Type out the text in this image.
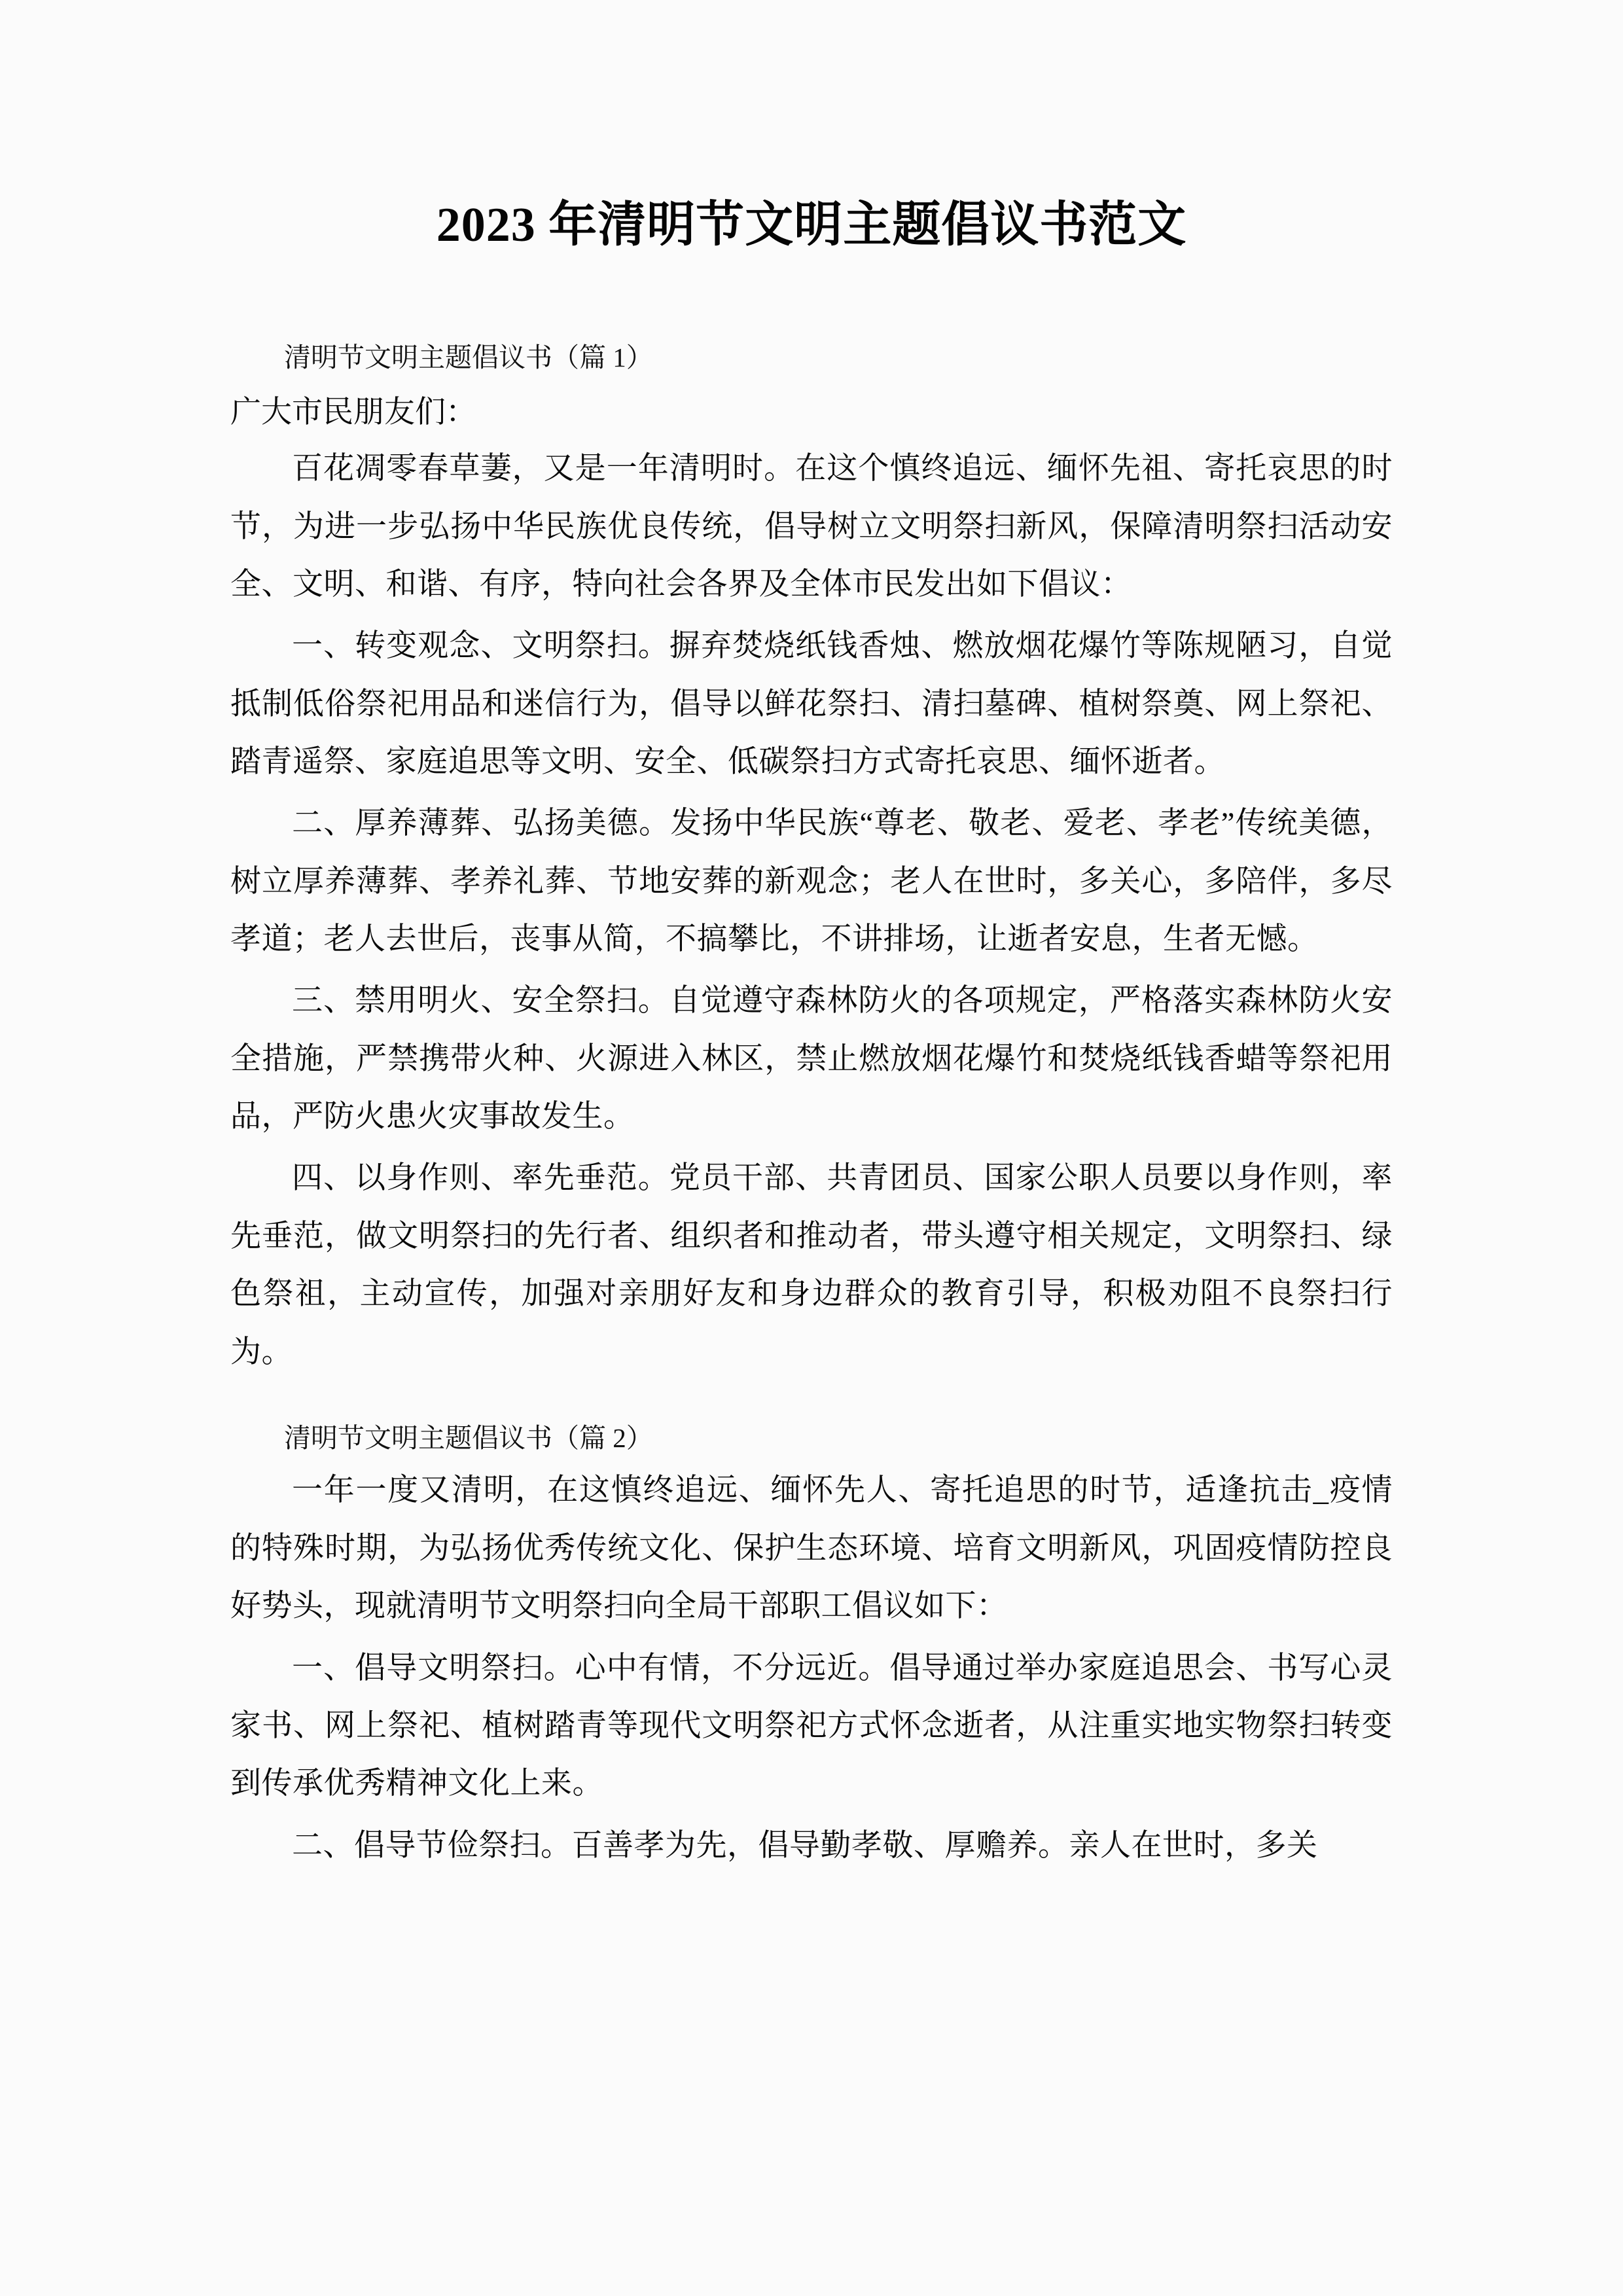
2023 年清明节文明主题倡议书范文

清明节文明主题倡议书（篇 1）

广大市民朋友们：

百花凋零春草萋，又是一年清明时。在这个慎终追远、缅怀先祖、寄托哀思的时节，为进一步弘扬中华民族优良传统，倡导树立文明祭扫新风，保障清明祭扫活动安全、文明、和谐、有序，特向社会各界及全体市民发出如下倡议：

一、转变观念、文明祭扫。摒弃焚烧纸钱香烛、燃放烟花爆竹等陈规陋习，自觉抵制低俗祭祀用品和迷信行为，倡导以鲜花祭扫、清扫墓碑、植树祭奠、网上祭祀、踏青遥祭、家庭追思等文明、安全、低碳祭扫方式寄托哀思、缅怀逝者。

二、厚养薄葬、弘扬美德。发扬中华民族“尊老、敬老、爱老、孝老”传统美德，树立厚养薄葬、孝养礼葬、节地安葬的新观念；老人在世时，多关心，多陪伴，多尽孝道；老人去世后，丧事从简，不搞攀比，不讲排场，让逝者安息，生者无憾。

三、禁用明火、安全祭扫。自觉遵守森林防火的各项规定，严格落实森林防火安全措施，严禁携带火种、火源进入林区，禁止燃放烟花爆竹和焚烧纸钱香蜡等祭祀用品，严防火患火灾事故发生。

四、以身作则、率先垂范。党员干部、共青团员、国家公职人员要以身作则，率先垂范，做文明祭扫的先行者、组织者和推动者，带头遵守相关规定，文明祭扫、绿色祭祖，主动宣传，加强对亲朋好友和身边群众的教育引导，积极劝阻不良祭扫行为。

清明节文明主题倡议书（篇 2）

一年一度又清明，在这慎终追远、缅怀先人、寄托追思的时节，适逢抗击_疫情的特殊时期，为弘扬优秀传统文化、保护生态环境、培育文明新风，巩固疫情防控良好势头，现就清明节文明祭扫向全局干部职工倡议如下：

一、倡导文明祭扫。心中有情，不分远近。倡导通过举办家庭追思会、书写心灵家书、网上祭祀、植树踏青等现代文明祭祀方式怀念逝者，从注重实地实物祭扫转变到传承优秀精神文化上来。

二、倡导节俭祭扫。百善孝为先，倡导勤孝敬、厚赡养。亲人在世时，多关
